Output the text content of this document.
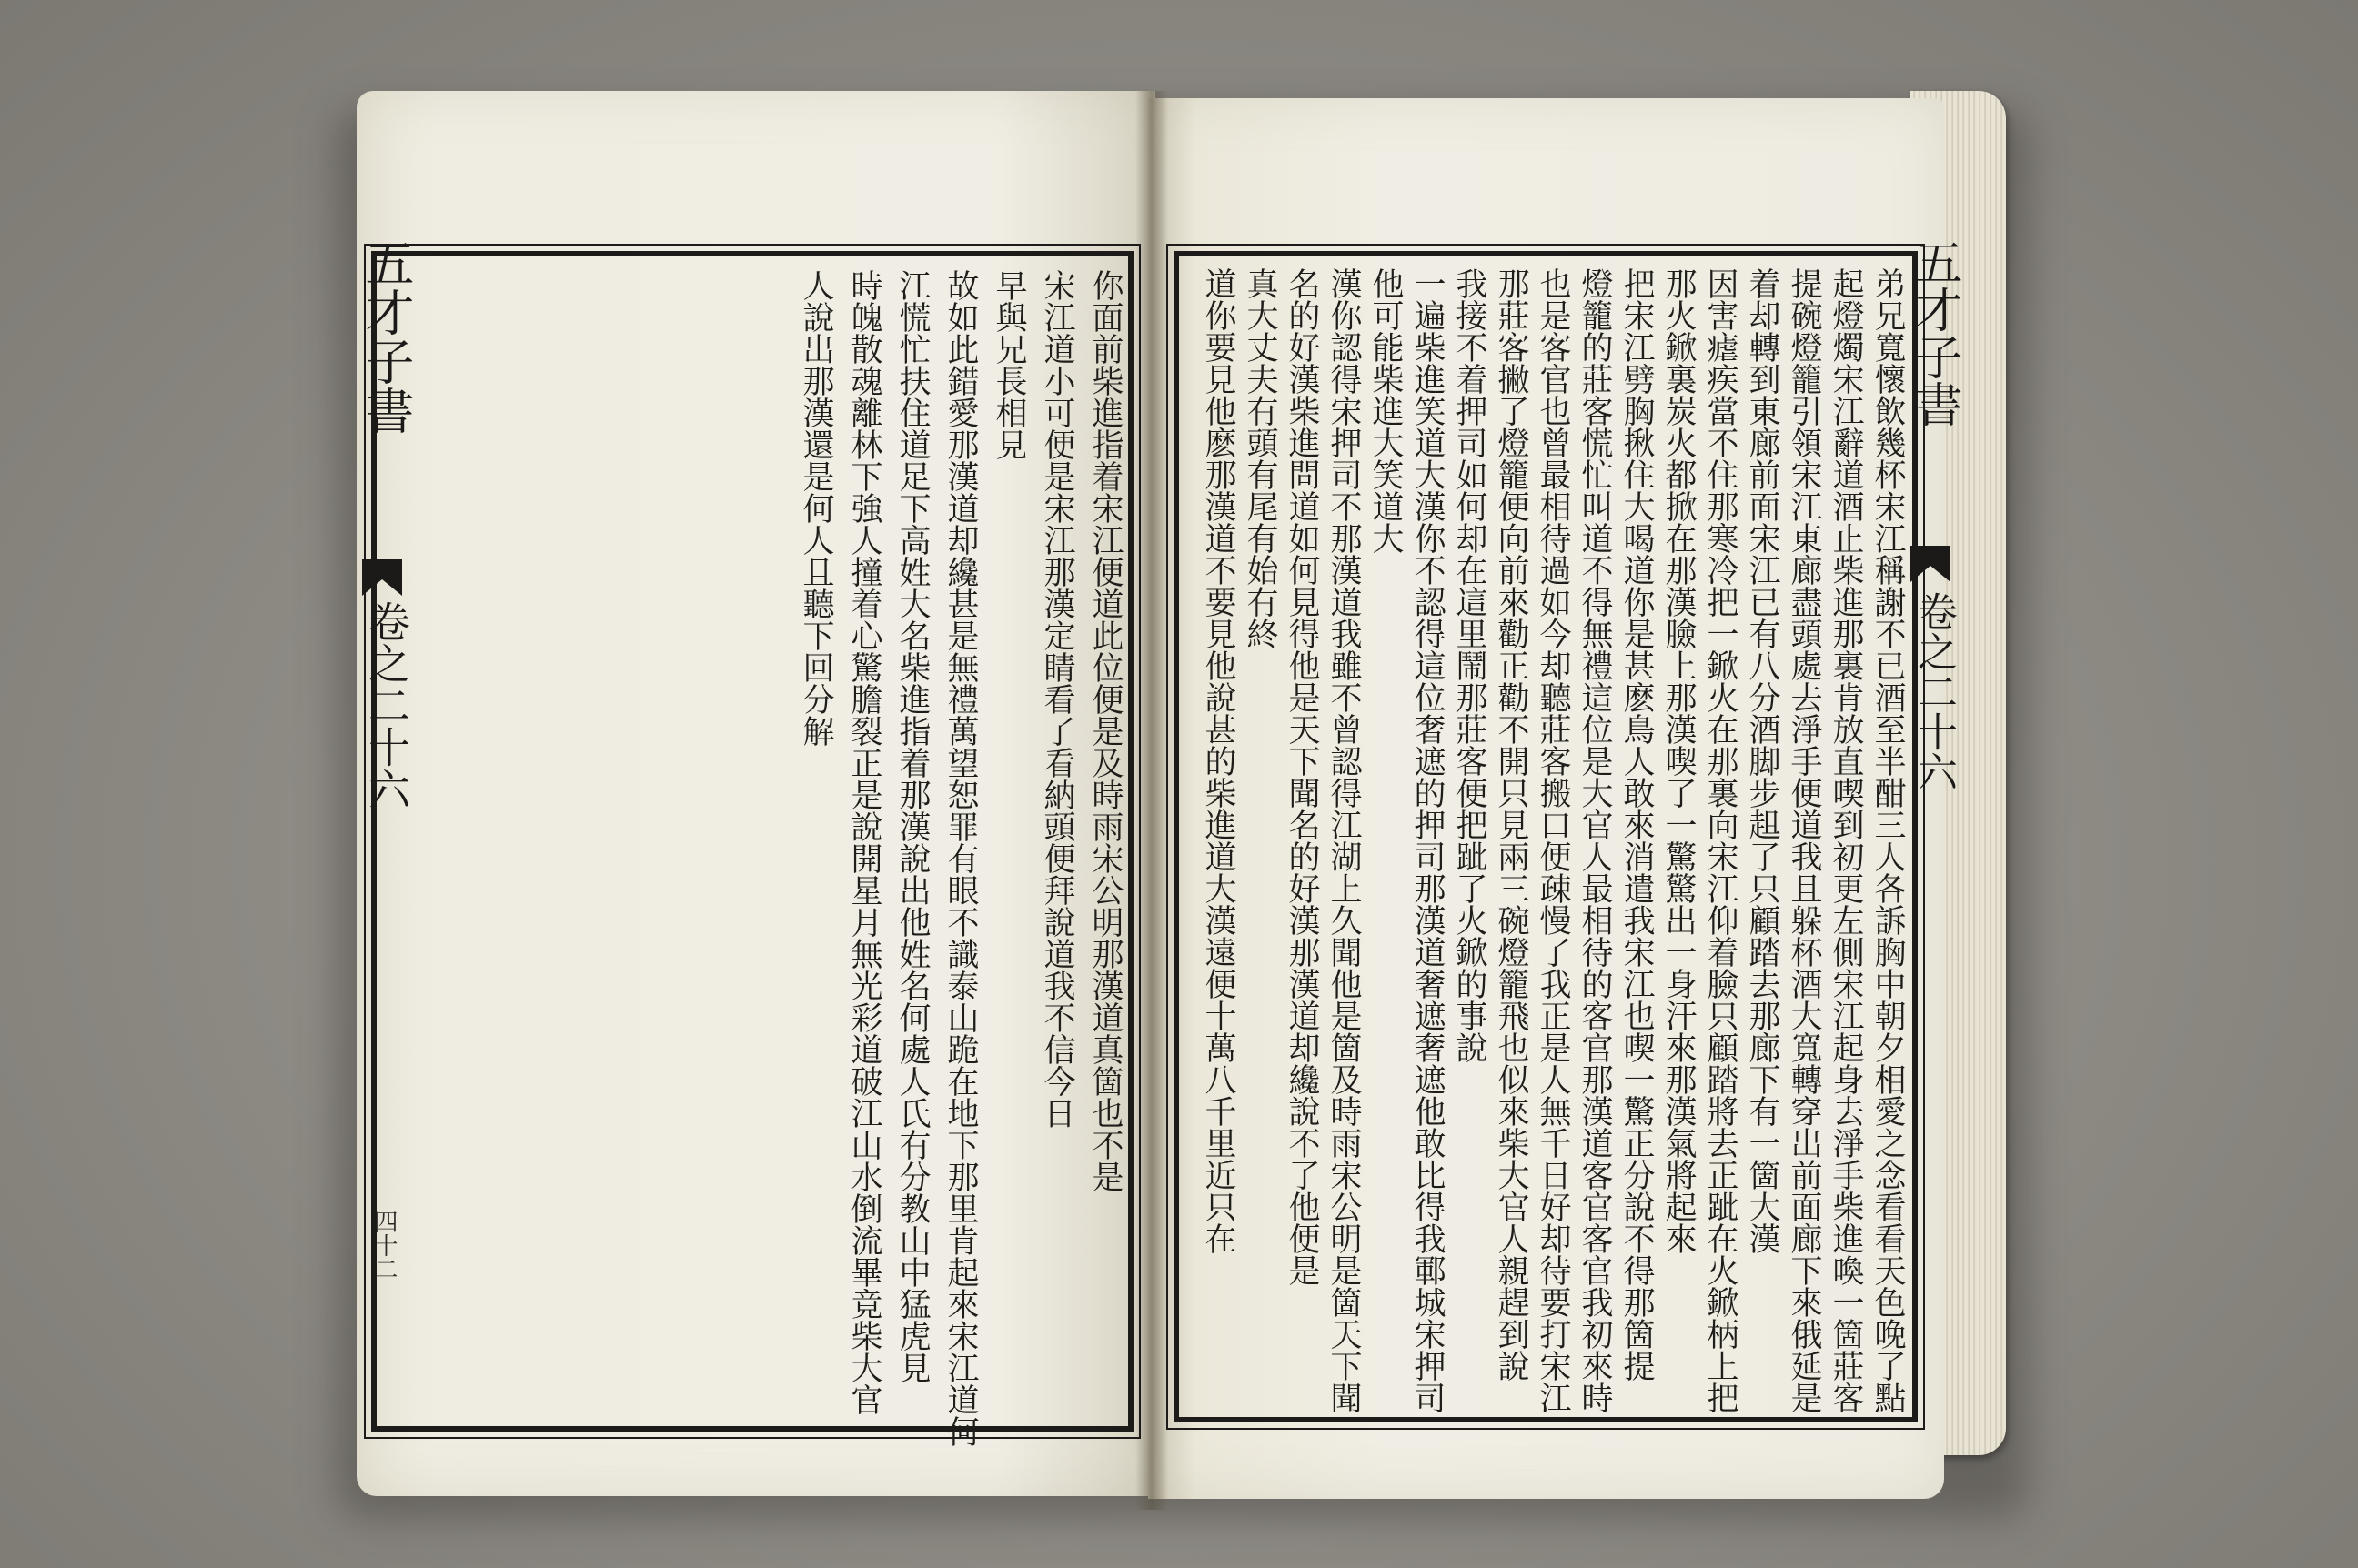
五才子書
卷之二十六
四十二
你面前柴進指着宋江便道此位便是及時雨宋公明那漢道真箇也不是
宋江道小可便是宋江那漢定睛看了看納頭便拜說道我不信今日
早與兄長相見
故如此錯愛那漢道却纔甚是無禮萬望恕罪有眼不識泰山跪在地下那里肯起來宋江道何
江慌忙扶住道足下高姓大名柴進指着那漢說出他姓名何處人氏有分教山中猛虎見
時魄散魂離林下強人撞着心驚膽裂正是說開星月無光彩道破江山水倒流畢竟柴大官
人說出那漢還是何人且聽下回分解	五才子書
卷之二十六
弟兄寬懷飲幾杯宋江稱謝不已酒至半酣三人各訴胸中朝夕相愛之念看看天色晚了點
起燈燭宋江辭道酒止柴進那裏肯放直喫到初更左側宋江起身去淨手柴進喚一箇莊客
提碗燈籠引領宋江東廊盡頭處去淨手便道我且躲杯酒大寬轉穿出前面廊下來俄延是
着却轉到東廊前面宋江已有八分酒脚步趄了只顧踏去那廊下有一箇大漢
因害瘧疾當不住那寒冷把一鍁火在那裏向宋江仰着臉只顧踏將去正跐在火鍁柄上把
那火鍁裏炭火都掀在那漢臉上那漢喫了一驚驚出一身汗來那漢氣將起來
把宋江劈胸揪住大喝道你是甚麽鳥人敢來消遣我宋江也喫一驚正分說不得那箇提
燈籠的莊客慌忙叫道不得無禮這位是大官人最相待的客官那漢道客官客官我初來時
也是客官也曾最相待過如今却聽莊客搬口便疎慢了我正是人無千日好却待要打宋江
那莊客撇了燈籠便向前來勸正勸不開只見兩三碗燈籠飛也似來柴大官人親趕到說
我接不着押司如何却在這里鬧那莊客便把跐了火鍁的事說
一遍柴進笑道大漢你不認得這位奢遮的押司那漢道奢遮奢遮他敢比得我鄆城宋押司
他可能柴進大笑道大
漢你認得宋押司不那漢道我雖不曾認得江湖上久聞他是箇及時雨宋公明是箇天下聞
名的好漢柴進問道如何見得他是天下聞名的好漢那漢道却纔說不了他便是
真大丈夫有頭有尾有始有終
道你要見他麽那漢道不要見他說甚的柴進道大漢遠便十萬八千里近只在
